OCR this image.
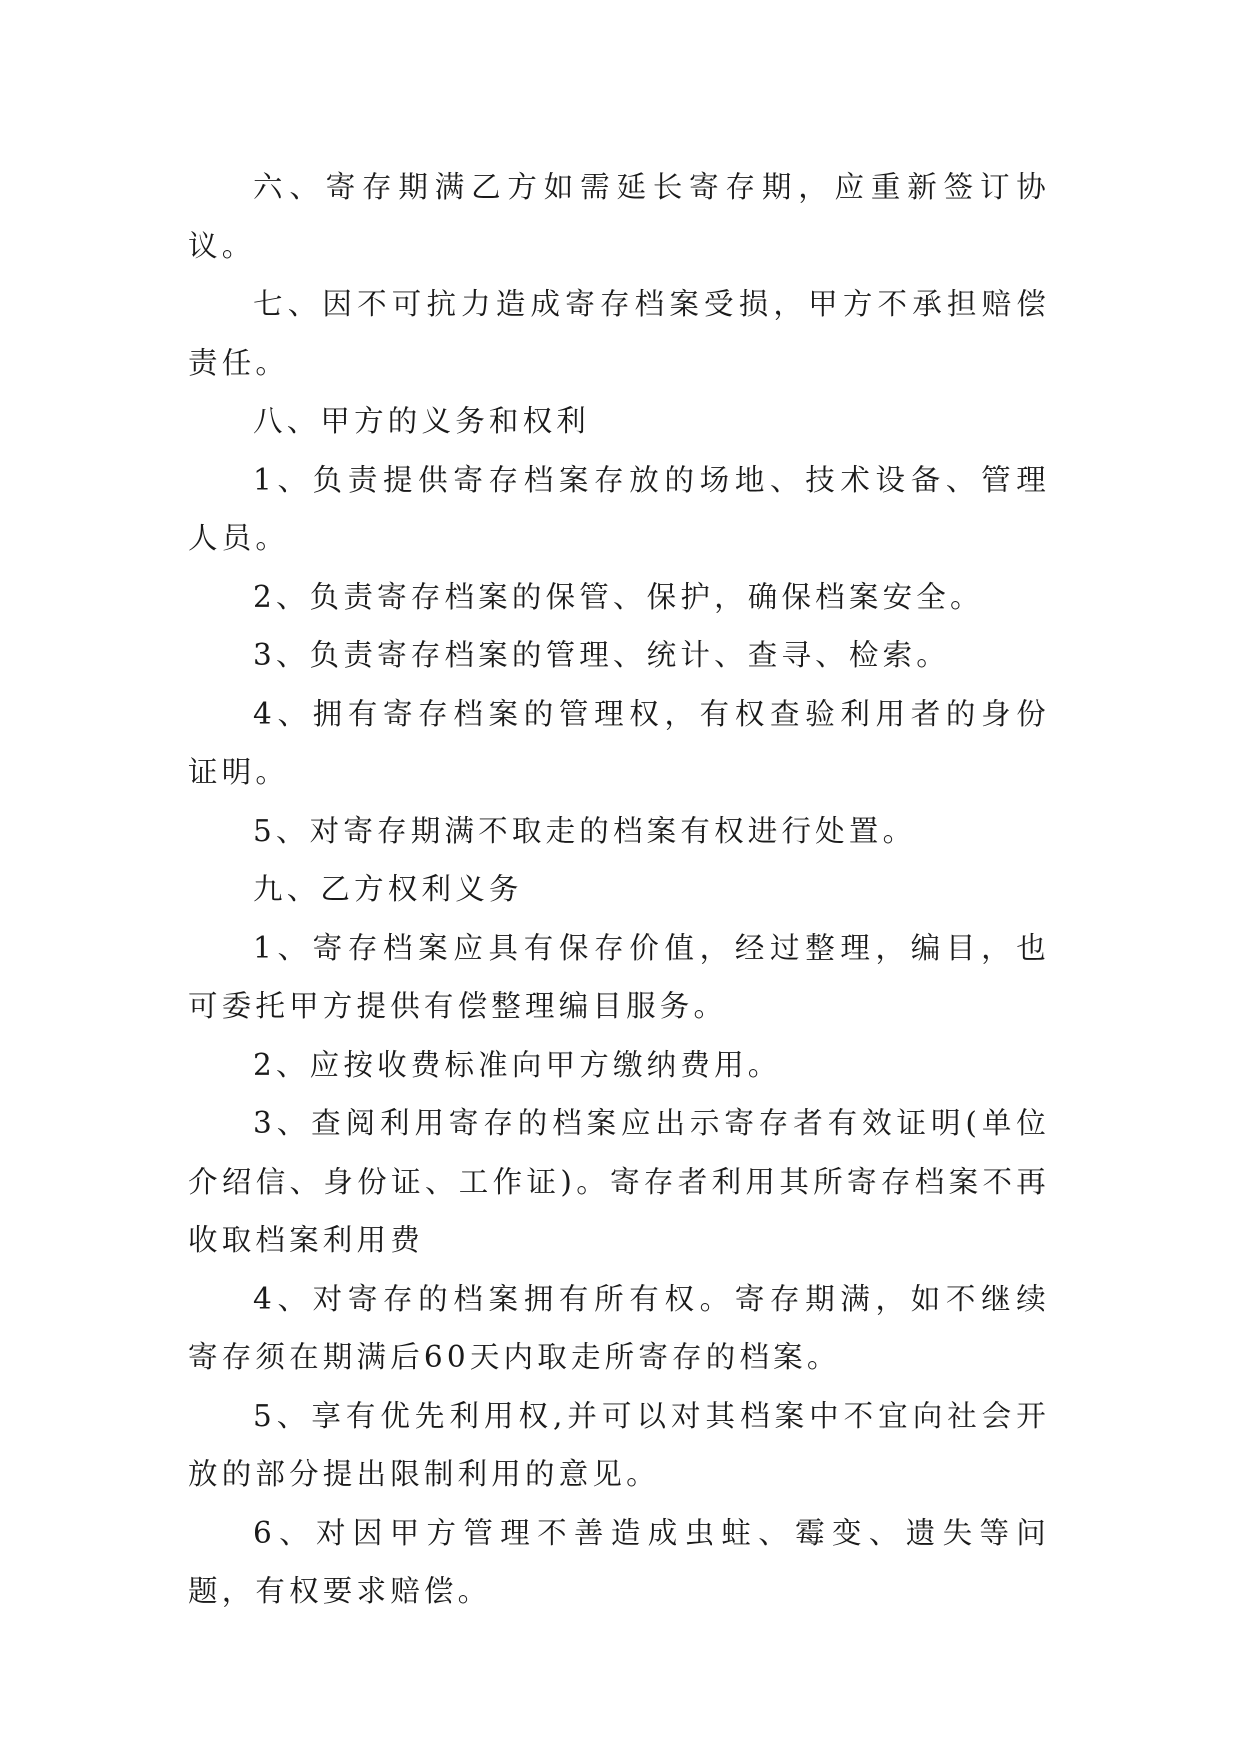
六、寄存期满乙方如需延长寄存期，应重新签订协议。

七、因不可抗力造成寄存档案受损，甲方不承担赔偿责任。

八、甲方的义务和权利

1、负责提供寄存档案存放的场地、技术设备、管理人员。

2、负责寄存档案的保管、保护，确保档案安全。

3、负责寄存档案的管理、统计、查寻、检索。

4、拥有寄存档案的管理权，有权查验利用者的身份证明。

5、对寄存期满不取走的档案有权进行处置。

九、乙方权利义务

1、寄存档案应具有保存价值，经过整理，编目，也可委托甲方提供有偿整理编目服务。

2、应按收费标准向甲方缴纳费用。

3、查阅利用寄存的档案应出示寄存者有效证明(单位介绍信、身份证、工作证)。寄存者利用其所寄存档案不再收取档案利用费

4、对寄存的档案拥有所有权。寄存期满，如不继续寄存须在期满后60天内取走所寄存的档案。

5、享有优先利用权,并可以对其档案中不宜向社会开放的部分提出限制利用的意见。

6、对因甲方管理不善造成虫蛀、霉变、遗失等问题，有权要求赔偿。
